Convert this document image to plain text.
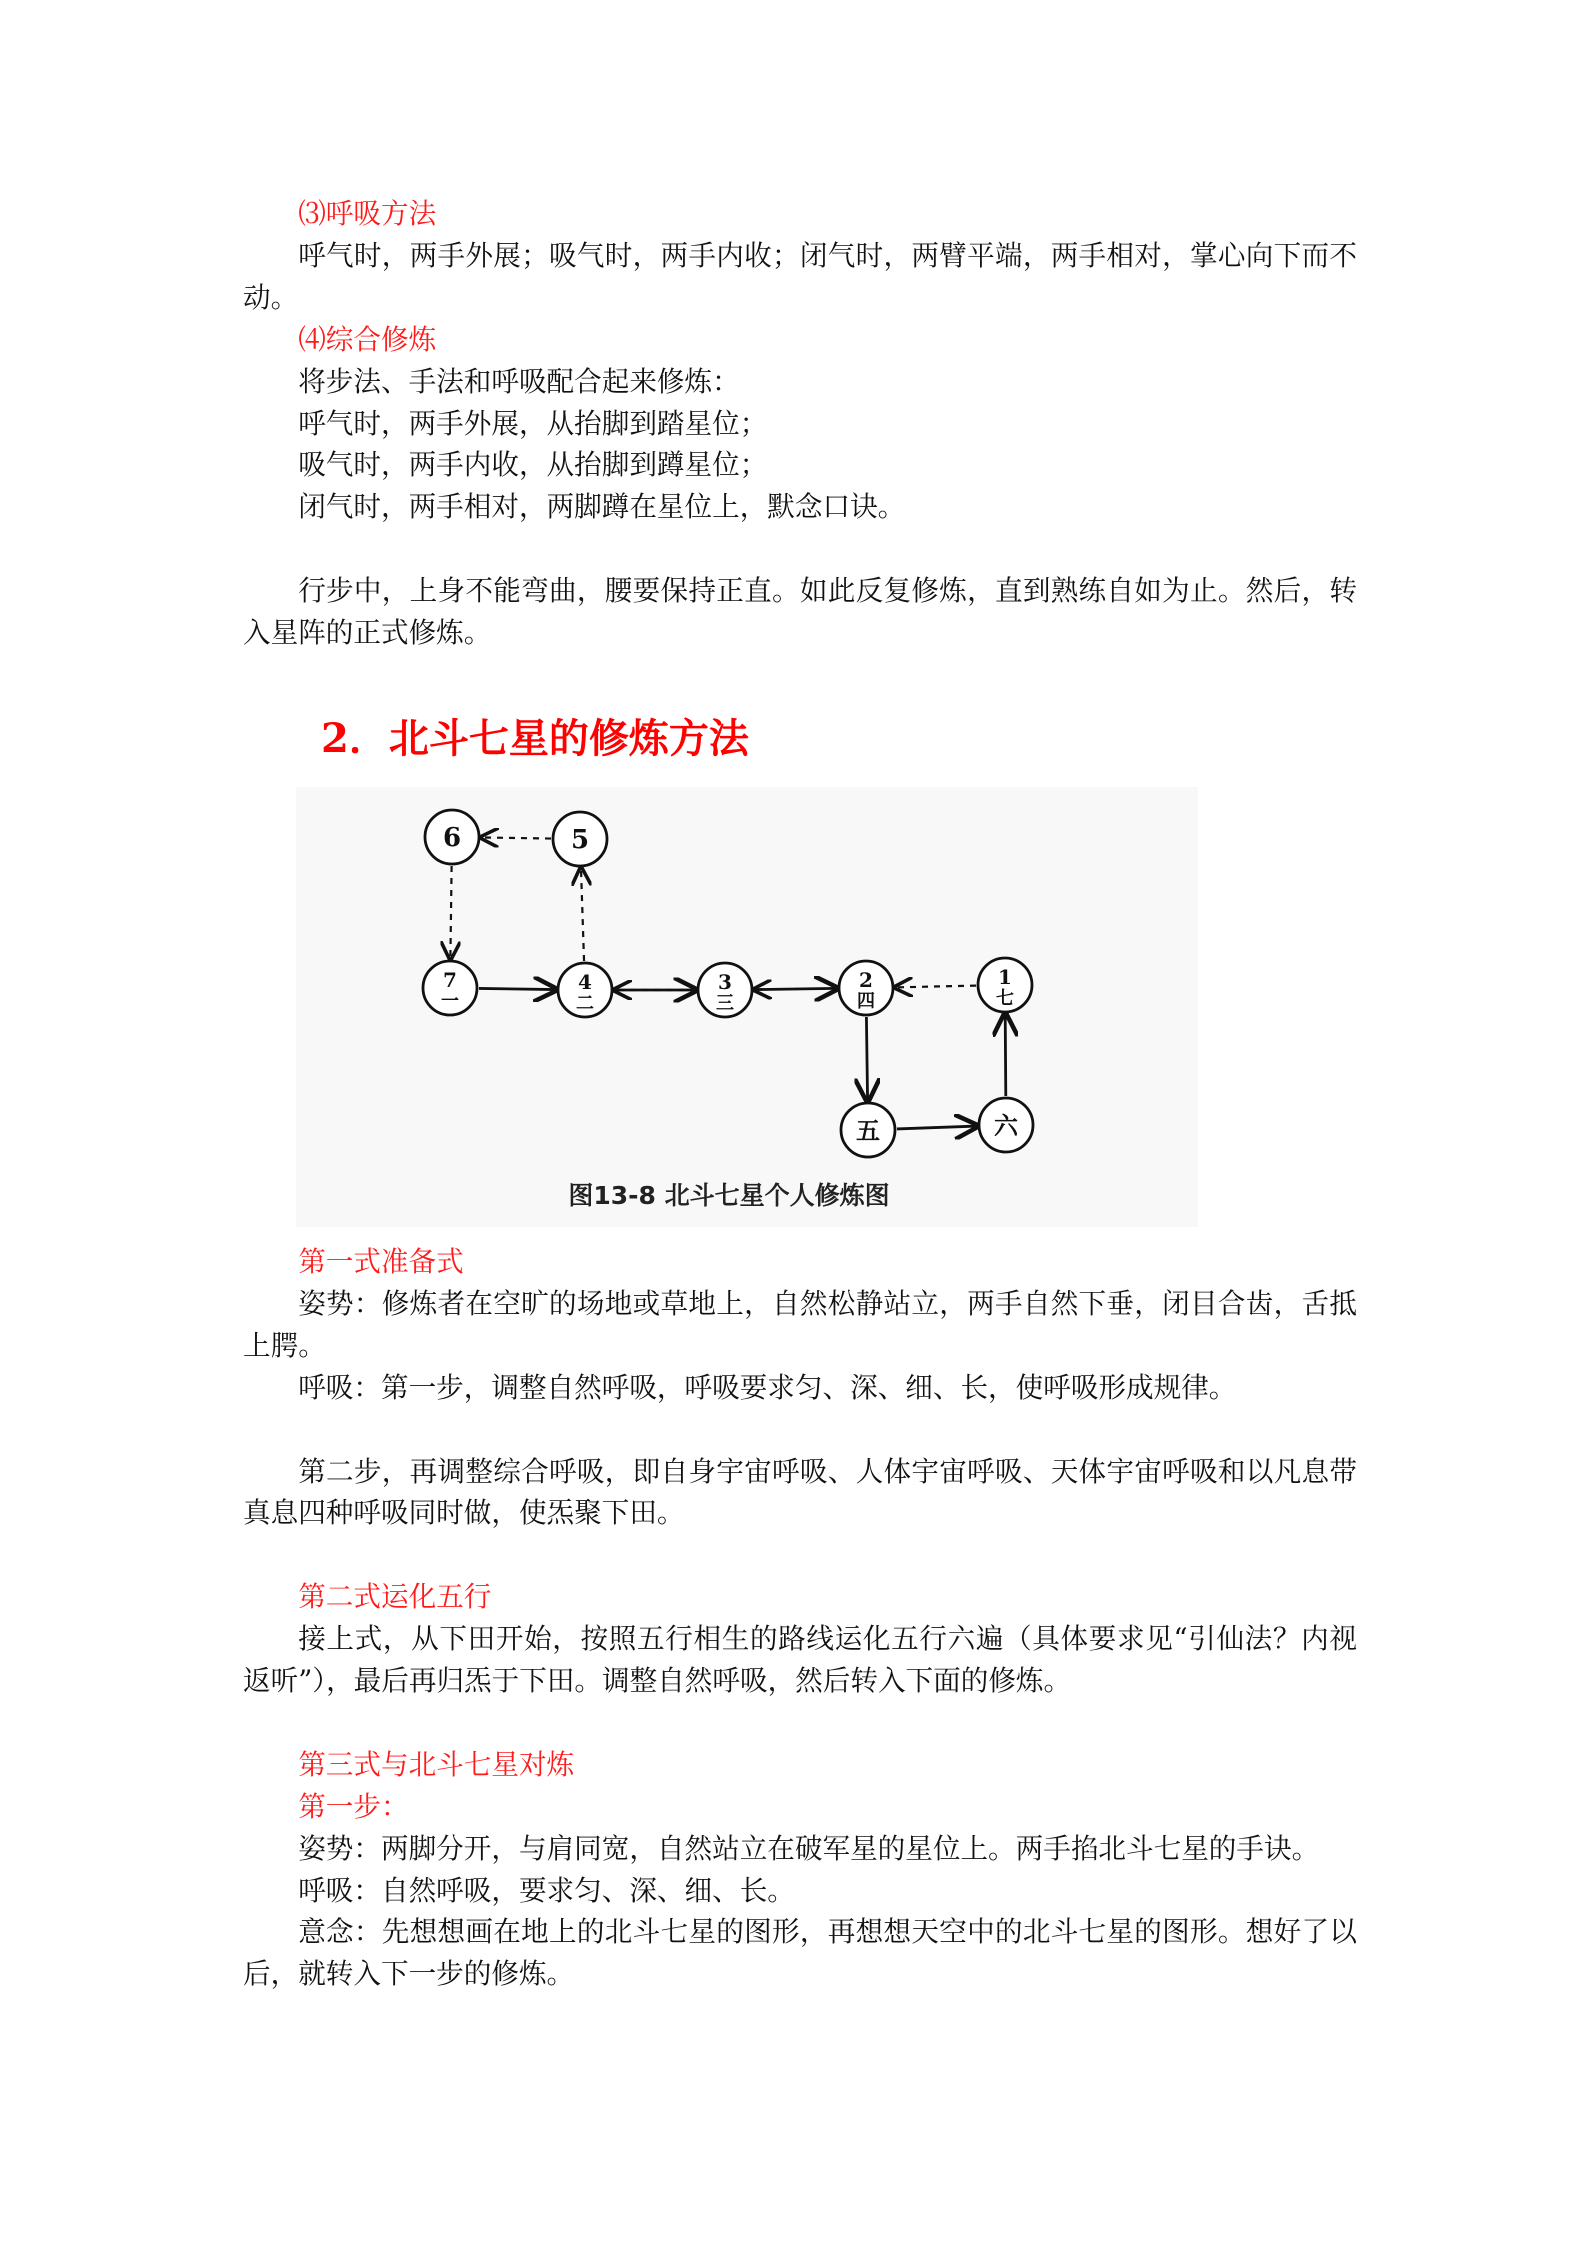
⑶呼吸方法

呼气时，两手外展；吸气时，两手内收；闭气时，两臂平端，两手相对，掌心向下而不动。

⑷综合修炼

将步法、手法和呼吸配合起来修炼：

呼气时，两手外展，从抬脚到踏星位；

吸气时，两手内收，从抬脚到蹲星位；

闭气时，两手相对，两脚蹲在星位上，默念口诀。

行步中，上身不能弯曲，腰要保持正直。如此反复修炼，直到熟练自如为止。然后，转入星阵的正式修炼。

2．北斗七星的修炼方法
6	5
7
一
4
二
3
三
2
四
1
七
五	六
图13-8 北斗七星个人修炼图

第一式准备式

姿势：修炼者在空旷的场地或草地上，自然松静站立，两手自然下垂，闭目合齿，舌抵上腭。

呼吸：第一步，调整自然呼吸，呼吸要求匀、深、细、长，使呼吸形成规律。

第二步，再调整综合呼吸，即自身宇宙呼吸、人体宇宙呼吸、天体宇宙呼吸和以凡息带真息四种呼吸同时做，使炁聚下田。

第二式运化五行

接上式，从下田开始，按照五行相生的路线运化五行六遍（具体要求见“引仙法？内视返听”），最后再归炁于下田。调整自然呼吸，然后转入下面的修炼。

第三式与北斗七星对炼

第一步：

姿势：两脚分开，与肩同宽，自然站立在破军星的星位上。两手掐北斗七星的手诀。

呼吸：自然呼吸，要求匀、深、细、长。

意念：先想想画在地上的北斗七星的图形，再想想天空中的北斗七星的图形。想好了以后，就转入下一步的修炼。
